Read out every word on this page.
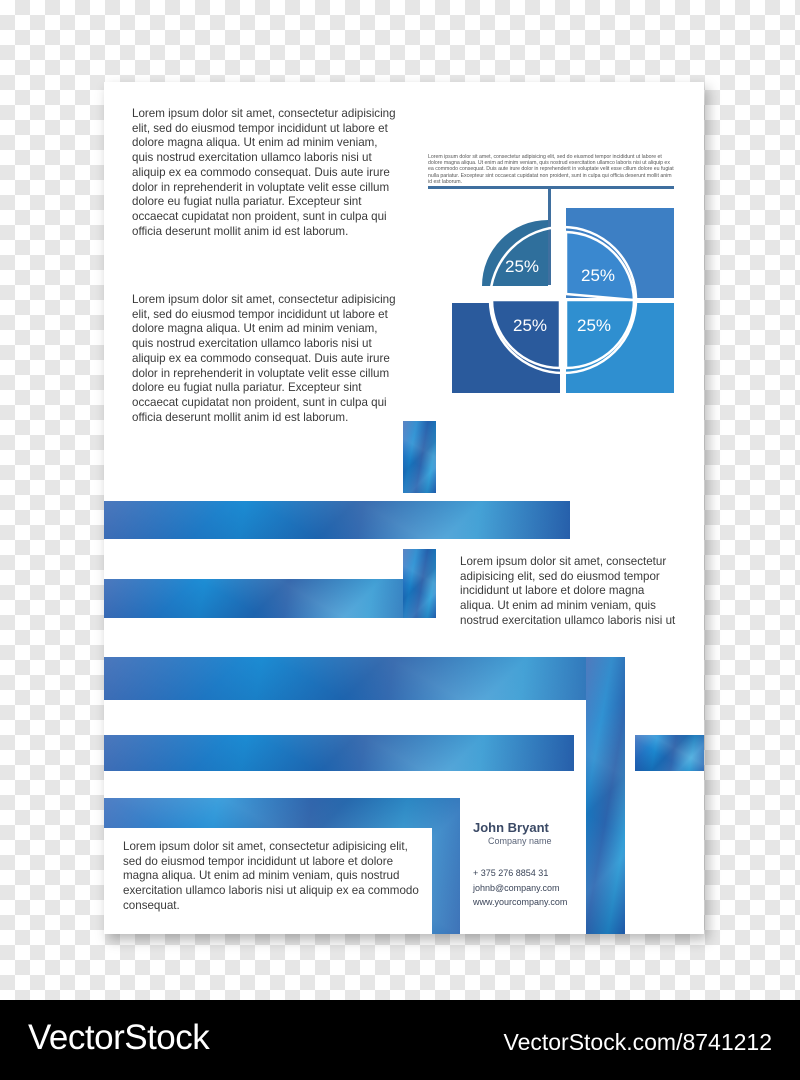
Lorem ipsum dolor sit amet, consectetur adipisicing elit, sed do eiusmod tempor incididunt ut labore et dolore magna aliqua. Ut enim ad minim veniam, quis nostrud exercitation ullamco laboris nisi ut aliquip ex ea commodo consequat. Duis aute irure dolor in reprehenderit in voluptate velit esse cillum dolore eu fugiat nulla pariatur. Excepteur sint occaecat cupidatat non proident, sunt in culpa qui officia deserunt mollit anim id est laborum.

Lorem ipsum dolor sit amet, consectetur adipisicing elit, sed do eiusmod tempor incididunt ut labore et dolore magna aliqua. Ut enim ad minim veniam, quis nostrud exercitation ullamco laboris nisi ut aliquip ex ea commodo consequat. Duis aute irure dolor in reprehenderit in voluptate velit esse cillum dolore eu fugiat nulla pariatur. Excepteur sint occaecat cupidatat non proident, sunt in culpa qui officia deserunt mollit anim id est laborum.

Lorem ipsum dolor sit amet, consectetur adipisicing elit, sed do eiusmod tempor incididunt ut labore et dolore magna aliqua. Ut enim ad minim veniam, quis nostrud exercitation ullamco laboris nisi ut aliquip ex ea commodo consequat. Duis aute irure dolor in reprehenderit in voluptate velit esse cillum dolore eu fugiat nulla pariatur. Excepteur sint occaecat cupidatat non proident, sunt in culpa qui officia deserunt mollit anim id est laborum.

25% 25%
25% 25%

Lorem ipsum dolor sit amet, consectetur adipisicing elit, sed do eiusmod tempor incididunt ut labore et dolore magna aliqua. Ut enim ad minim veniam, quis nostrud exercitation ullamco laboris nisi ut

Lorem ipsum dolor sit amet, consectetur adipisicing elit, sed do eiusmod tempor incididunt ut labore et dolore magna aliqua. Ut enim ad minim veniam, quis nostrud exercitation ullamco laboris nisi ut aliquip ex ea commodo consequat.

John Bryant
Company name
+ 375 276 8854 31
johnb@company.com
www.yourcompany.com
VectorStock	VectorStock.com/8741212
